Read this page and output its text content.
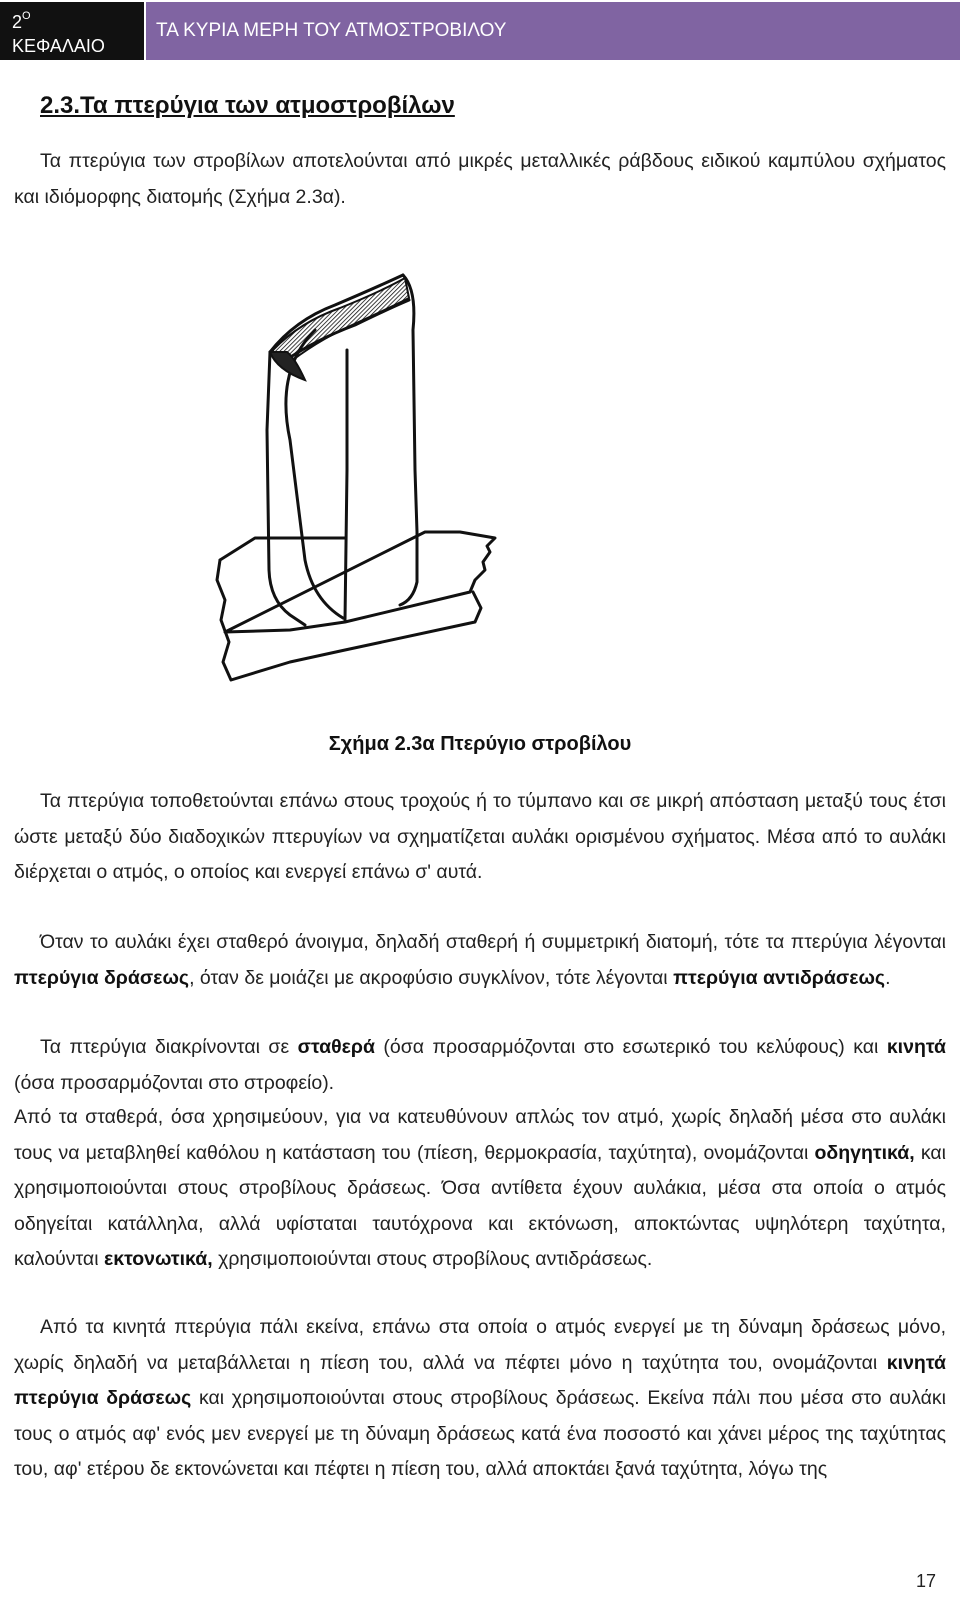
$2^O$
ΚΕΦΑΛΑΙΟ
ΤΑ ΚΥΡΙΑ ΜΕΡΗ ΤΟΥ ΑΤΜΟΣΤΡΟΒΙΛΟΥ
2.3.Τα πτερύγια των ατμοστροβίλων

Τα πτερύγια των στροβίλων αποτελούνται από μικρές μεταλλικές ράβδους ειδικού καμπύλου σχήματος και ιδιόμορφης διατομής (Σχήμα 2.3α).

Σχήμα 2.3α Πτερύγιο στροβίλου

Τα πτερύγια τοποθετούνται επάνω στους τροχούς ή το τύμπανο και σε μικρή απόσταση μεταξύ τους έτσι ώστε μεταξύ δύο διαδοχικών πτερυγίων να σχηματίζεται αυλάκι ορισμένου σχήματος. Μέσα από το αυλάκι διέρχεται ο ατμός, ο οποίος και ενεργεί επάνω σ' αυτά.

Όταν το αυλάκι έχει σταθερό άνοιγμα, δηλαδή σταθερή ή συμμετρική διατομή, τότε τα πτερύγια λέγονται πτερύγια δράσεως, όταν δε μοιάζει με ακροφύσιο συγκλίνον, τότε λέγονται πτερύγια αντιδράσεως.

Τα πτερύγια διακρίνονται σε σταθερά (όσα προσαρμόζονται στο εσωτερικό του κελύφους) και κινητά (όσα προσαρμόζονται στο στροφείο).

Από τα σταθερά, όσα χρησιμεύουν, για να κατευθύνουν απλώς τον ατμό, χωρίς δηλαδή μέσα στο αυλάκι τους να μεταβληθεί καθόλου η κατάσταση του (πίεση, θερμοκρασία, ταχύτητα), ονομάζονται οδηγητικά, και χρησιμοποιούνται στους στροβίλους δράσεως. Όσα αντίθετα έχουν αυλάκια, μέσα στα οποία ο ατμός οδηγείται κατάλληλα, αλλά υφίσταται ταυτόχρονα και εκτόνωση, αποκτώντας υψηλότερη ταχύτητα, καλούνται εκτονωτικά, χρησιμοποιούνται στους στροβίλους αντιδράσεως.

Από τα κινητά πτερύγια πάλι εκείνα, επάνω στα οποία ο ατμός ενεργεί με τη δύναμη δράσεως μόνο, χωρίς δηλαδή να μεταβάλλεται η πίεση του, αλλά να πέφτει μόνο η ταχύτητα του, ονομάζονται κινητά πτερύγια δράσεως και χρησιμοποιούνται στους στροβίλους δράσεως. Εκείνα πάλι που μέσα στο αυλάκι τους ο ατμός αφ' ενός μεν ενεργεί με τη δύναμη δράσεως κατά ένα ποσοστό και χάνει μέρος της ταχύτητας του, αφ' ετέρου δε εκτονώνεται και πέφτει η πίεση του, αλλά αποκτάει ξανά ταχύτητα, λόγω της

17
